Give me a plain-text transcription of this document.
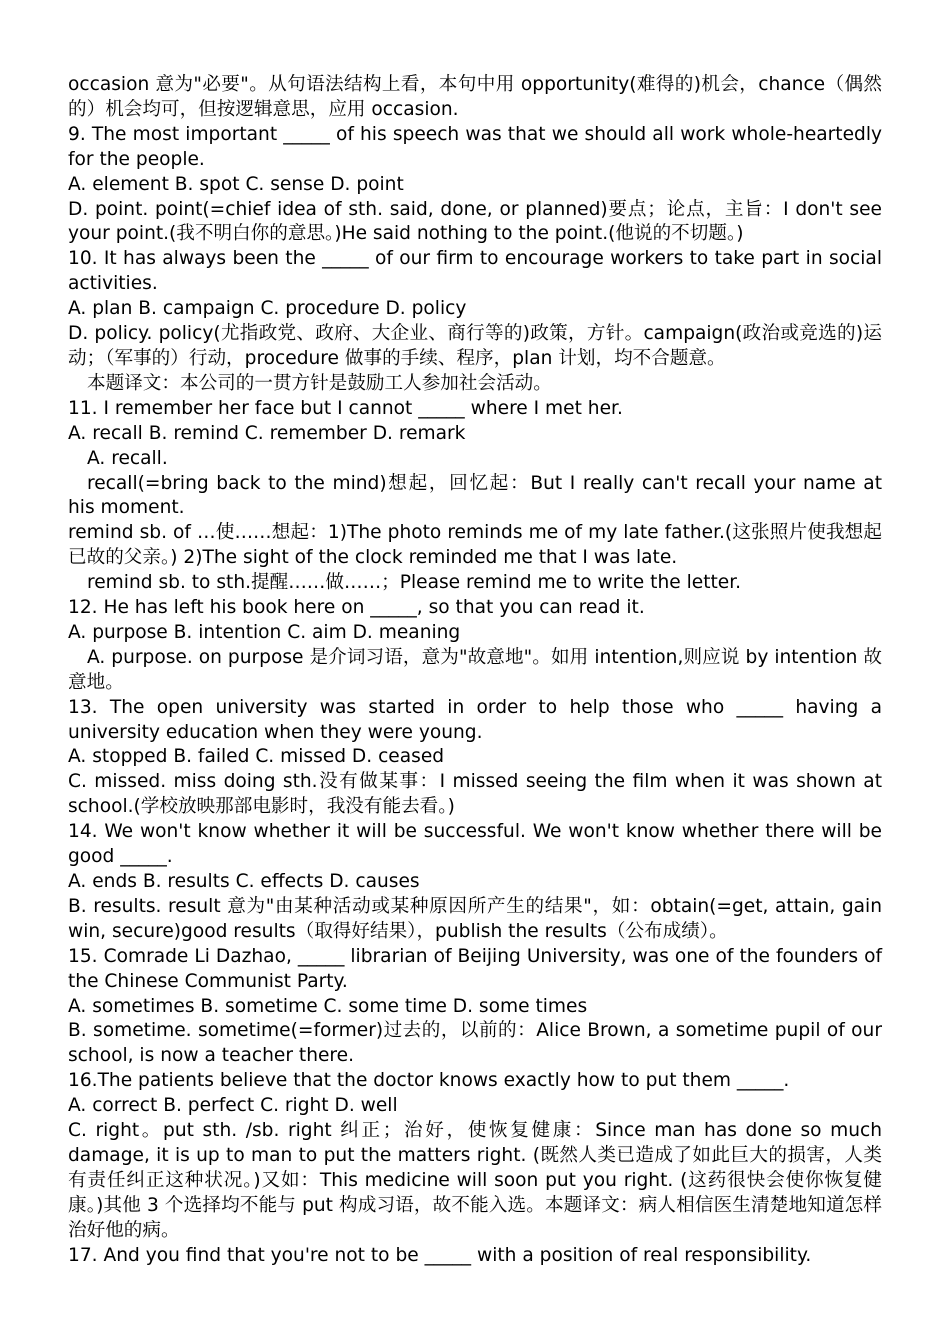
occasion 意为"必要"。从句语法结构上看，本句中用 opportunity(难得的)机会，chance（偶然的）机会均可，但按逻辑意思，应用 occasion.

9. The most important _____ of his speech was that we should all work whole-heartedly for the people.

A. element B. spot C. sense D. point

D. point. point(=chief idea of sth. said, done, or planned)要点；论点，主旨：I don't see your point.(我不明白你的意思。)He said nothing to the point.(他说的不切题。)

10. It has always been the _____ of our firm to encourage workers to take part in social activities.

A. plan B. campaign C. procedure D. policy

D. policy. policy(尤指政党、政府、大企业、商行等的)政策，方针。campaign(政治或竞选的)运动；（军事的）行动，procedure 做事的手续、程序，plan 计划，均不合题意。

本题译文：本公司的一贯方针是鼓励工人参加社会活动。

11. I remember her face but I cannot _____ where I met her.

A. recall B. remind C. remember D. remark

A. recall.

recall(=bring back to the mind)想起，回忆起：But I really can't recall your name at his moment.

remind sb. of …使……想起：1)The photo reminds me of my late father.(这张照片使我想起已故的父亲。) 2)The sight of the clock reminded me that I was late.

remind sb. to sth.提醒……做……；Please remind me to write the letter.

12. He has left his book here on _____, so that you can read it.

A. purpose B. intention C. aim D. meaning

A. purpose. on purpose 是介词习语，意为"故意地"。如用 intention,则应说 by intention 故意地。

13. The open university was started in order to help those who _____ having a university education when they were young.

A. stopped B. failed C. missed D. ceased

C. missed. miss doing sth.没有做某事：I missed seeing the film when it was shown at school.(学校放映那部电影时，我没有能去看。)

14. We won't know whether it will be successful. We won't know whether there will be good _____.

A. ends B. results C. effects D. causes

B. results. result 意为"由某种活动或某种原因所产生的结果"，如：obtain(=get, attain, gain win, secure)good results（取得好结果），publish the results（公布成绩）。

15. Comrade Li Dazhao, _____ librarian of Beijing University, was one of the founders of the Chinese Communist Party.

A. sometimes B. sometime C. some time D. some times

B. sometime. sometime(=former)过去的，以前的：Alice Brown, a sometime pupil of our school, is now a teacher there.

16.The patients believe that the doctor knows exactly how to put them _____.

A. correct B. perfect C. right D. well

C. right。put sth. /sb. right 纠正；治好，使恢复健康：Since man has done so much damage, it is up to man to put the matters right. (既然人类已造成了如此巨大的损害，人类有责任纠正这种状况。)又如：This medicine will soon put you right. (这药很快会使你恢复健康。)其他 3 个选择均不能与 put 构成习语，故不能入选。本题译文：病人相信医生清楚地知道怎样治好他的病。

17. And you find that you're not to be _____ with a position of real responsibility.
